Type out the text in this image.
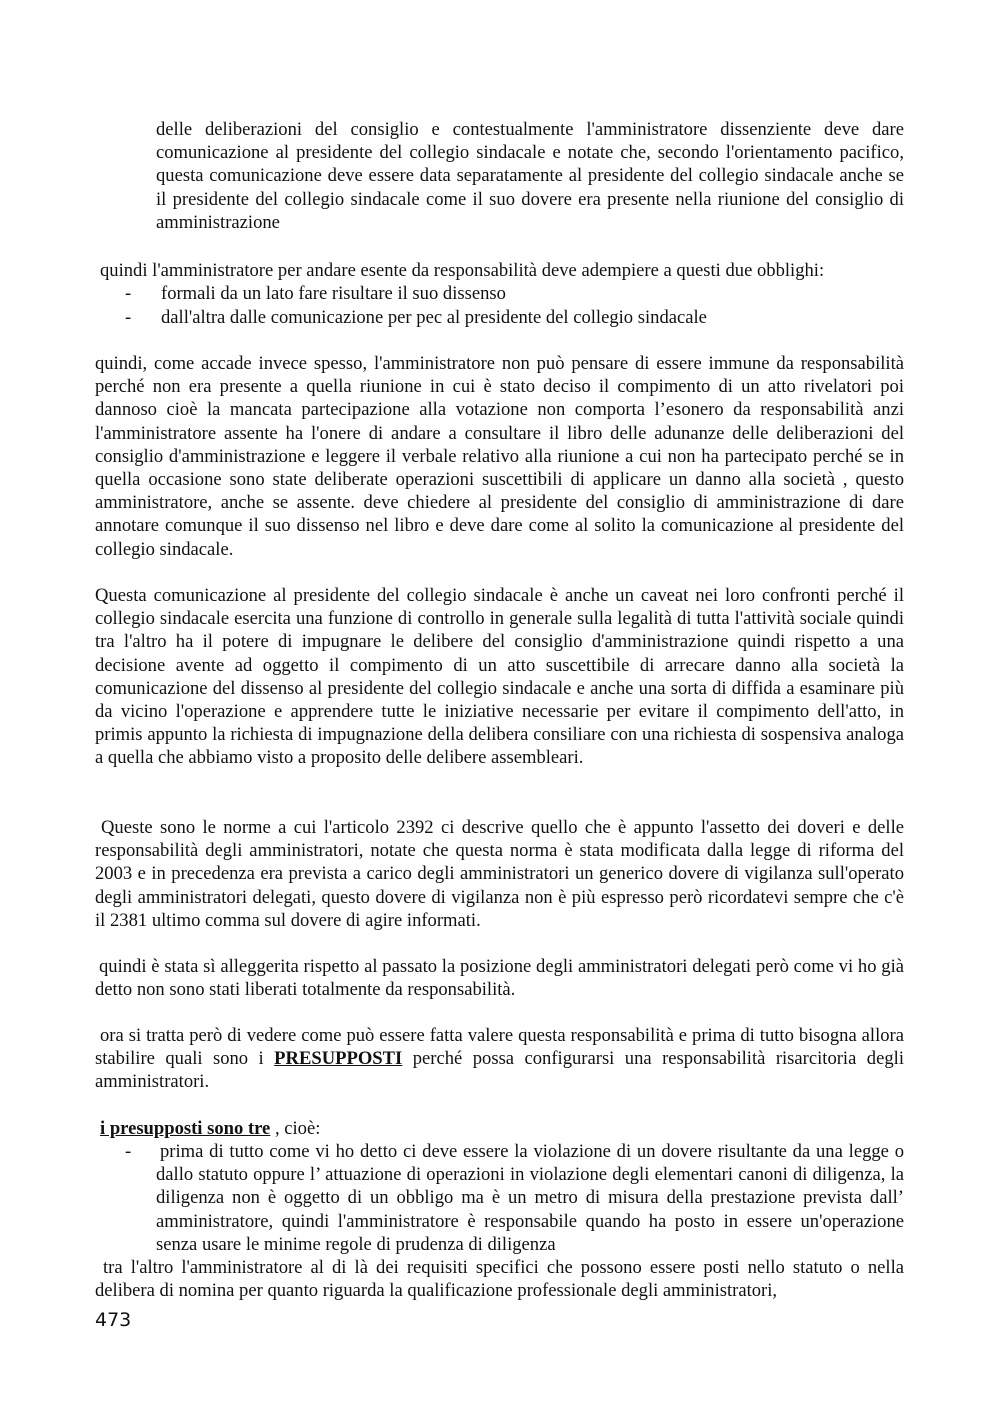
delle deliberazioni del consiglio e contestualmente l'amministratore dissenziente deve dare comunicazione al presidente del collegio sindacale e notate che, secondo l'orientamento pacifico, questa comunicazione deve essere data separatamente al presidente del collegio sindacale anche se il presidente del collegio sindacale come il suo dovere era presente nella riunione del consiglio di amministrazione

quindi l'amministratore per andare esente da responsabilità deve adempiere a questi due obblighi:

- formali da un lato fare risultare il suo dissenso
- dall'altra dalle comunicazione per pec al presidente del collegio sindacale

quindi, come accade invece spesso, l'amministratore non può pensare di essere immune da responsabilità perché non era presente a quella riunione in cui è stato deciso il compimento di un atto rivelatori poi dannoso cioè la mancata partecipazione alla votazione non comporta l’esonero da responsabilità anzi l'amministratore assente ha l'onere di andare a consultare il libro delle adunanze delle deliberazioni del consiglio d'amministrazione e leggere il verbale relativo alla riunione a cui non ha partecipato perché se in quella occasione sono state deliberate operazioni suscettibili di applicare un danno alla società , questo amministratore, anche se assente. deve chiedere al presidente del consiglio di amministrazione di dare annotare comunque il suo dissenso nel libro e deve dare come al solito la comunicazione al presidente del collegio sindacale.

Questa comunicazione al presidente del collegio sindacale è anche un caveat nei loro confronti perché il collegio sindacale esercita una funzione di controllo in generale sulla legalità di tutta l'attività sociale quindi tra l'altro ha il potere di impugnare le delibere del consiglio d'amministrazione quindi rispetto a una decisione avente ad oggetto il compimento di un atto suscettibile di arrecare danno alla società la comunicazione del dissenso al presidente del collegio sindacale e anche una sorta di diffida a esaminare più da vicino l'operazione e apprendere tutte le iniziative necessarie per evitare il compimento dell'atto, in primis appunto la richiesta di impugnazione della delibera consiliare con una richiesta di sospensiva analoga a quella che abbiamo visto a proposito delle delibere assembleari.

Queste sono le norme a cui l'articolo 2392 ci descrive quello che è appunto l'assetto dei doveri e delle responsabilità degli amministratori, notate che questa norma è stata modificata dalla legge di riforma del 2003 e in precedenza era prevista a carico degli amministratori un generico dovere di vigilanza sull'operato degli amministratori delegati, questo dovere di vigilanza non è più espresso però ricordatevi sempre che c'è il 2381 ultimo comma sul dovere di agire informati.

quindi è stata sì alleggerita rispetto al passato la posizione degli amministratori delegati però come vi ho già detto non sono stati liberati totalmente da responsabilità.

ora si tratta però di vedere come può essere fatta valere questa responsabilità e prima di tutto bisogna allora stabilire quali sono i PRESUPPOSTI perché possa configurarsi una responsabilità risarcitoria degli amministratori.

i presupposti sono tre , cioè:
- prima di tutto come vi ho detto ci deve essere la violazione di un dovere risultante da una legge o dallo statuto oppure l’ attuazione di operazioni in violazione degli elementari canoni di diligenza, la diligenza non è oggetto di un obbligo ma è un metro di misura della prestazione prevista dall’ amministratore, quindi l'amministratore è responsabile quando ha posto in essere un'operazione senza usare le minime regole di prudenza di diligenza

tra l'altro l'amministratore al di là dei requisiti specifici che possono essere posti nello statuto o nella delibera di nomina per quanto riguarda la qualificazione professionale degli amministratori,

473
